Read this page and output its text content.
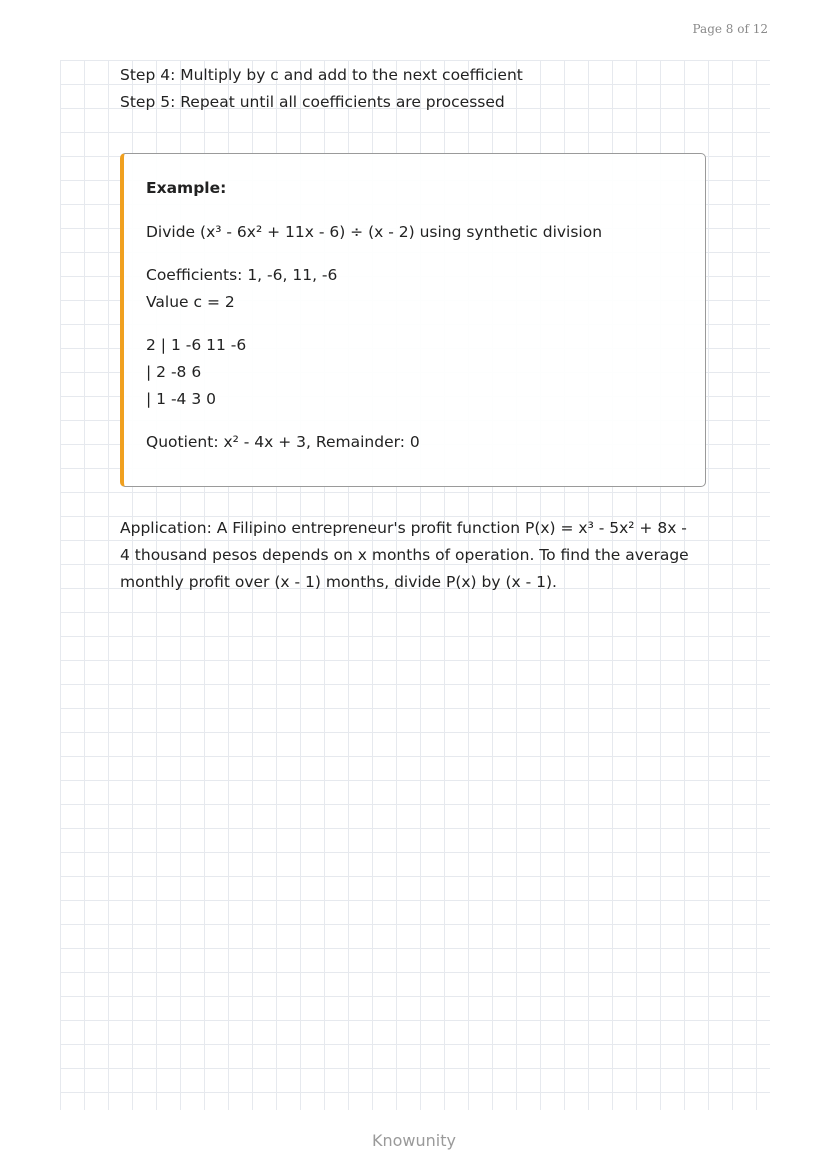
Page 8 of 12

Step 4: Multiply by c and add to the next coefficient

Step 5: Repeat until all coefficients are processed

Example:

Divide (x³ - 6x² + 11x - 6) ÷ (x - 2) using synthetic division

Coefficients: 1, -6, 11, -6

Value c = 2

2 | 1 -6 11 -6

| 2 -8 6

| 1 -4 3 0

Quotient: x² - 4x + 3, Remainder: 0

Application: A Filipino entrepreneur's profit function P(x) = x³ - 5x² + 8x - 4 thousand pesos depends on x months of operation. To find the average monthly profit over (x - 1) months, divide P(x) by (x - 1).

Knowunity
